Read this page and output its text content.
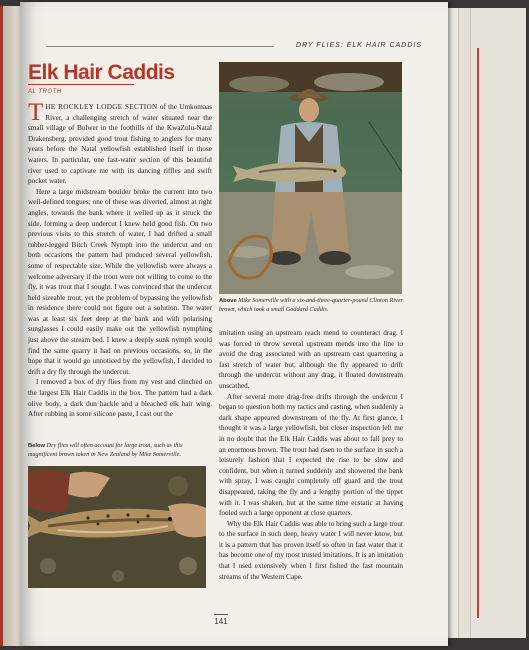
DRY FLIES: ELK HAIR CADDIS
Elk Hair Caddis
AL TROTH

THE ROCKLEY LODGE SECTION of the Umkomaas River, a challenging stretch of water situated near the small village of Bulwer in the foothills of the KwaZulu-Natal Drakensberg, provided good trout fishing to anglers for many years before the Natal yellowfish established itself in those waters. In particular, one fast-water section of this beautiful river used to captivate me with its dancing riffles and swift pocket water.

Here a large midstream boulder broke the current into two well-defined tongues; one of these was diverted, almost at right angles, towards the bank where it welled up as it struck the side, forming a deep undercut I knew held good fish. On two previous visits to this stretch of water, I had drifted a small rubber-legged Bitch Creek Nymph into the undercut and on both occasions the pattern had produced several yellowfish, some of respectable size. While the yellowfish were always a welcome adversary if the trout were not willing to come to the fly, it was trout that I sought. I was convinced that the undercut held sizeable trout, yet the problem of bypassing the yellowfish in residence there could not figure out a solution. The water was at least six feet deep at the bank and with polarising sunglasses I could easily make out the yellowfish nymphing just above the stream bed. I knew a deeply sunk nymph would find the same quarry it had on previous occasions, so, in the hope that it would go unnoticed by the yellowfish, I decided to drift a dry fly through the undercut.

I removed a box of dry flies from my vest and clinched on the largest Elk Hair Caddis in the box. The pattern had a dark olive body, a dark dun hackle and a bleached elk hair wing. After rubbing in some silicone paste, I cast out the

Above Mike Somerville with a six-and-three-quarter-pound Clinton River brown, which took a small Goddard Caddis.
Below Dry flies will often account for large trout, such as this magnificent brown taken in New Zealand by Mike Somerville.

imitation using an upstream reach mend to counteract drag. I was forced to throw several upstream mends into the line to avoid the drag associated with an upstream cast quartering a fast stretch of water but, although the fly appeared to drift through the undercut without any drag, it floated downstream unscathed.

After several more drag-free drifts through the undercut I began to question both my tactics and casting, when suddenly a dark shape appeared downstream of the fly. At first glance, I thought it was a large yellowfish, but closer inspection left me in no doubt that the Elk Hair Caddis was about to fall prey to an enormous brown. The trout had risen to the surface in such a leisurely fashion that I expected the rise to be slow and confident, but when it turned suddenly and showered the bank with spray, I was caught completely off guard and the trout disappeared, taking the fly and a lengthy portion of the tippet with it. I was shaken, but at the same time ecstatic at having fooled such a large opponent at close quarters.

Why the Elk Hair Caddis was able to bring such a large trout to the surface in such deep, heavy water I will never know, but it is a pattern that has proven itself so often in fast water that it has become one of my most trusted imitations. It is an imitation that I used extensively when I first fished the fast mountain streams of the Western Cape.

141
